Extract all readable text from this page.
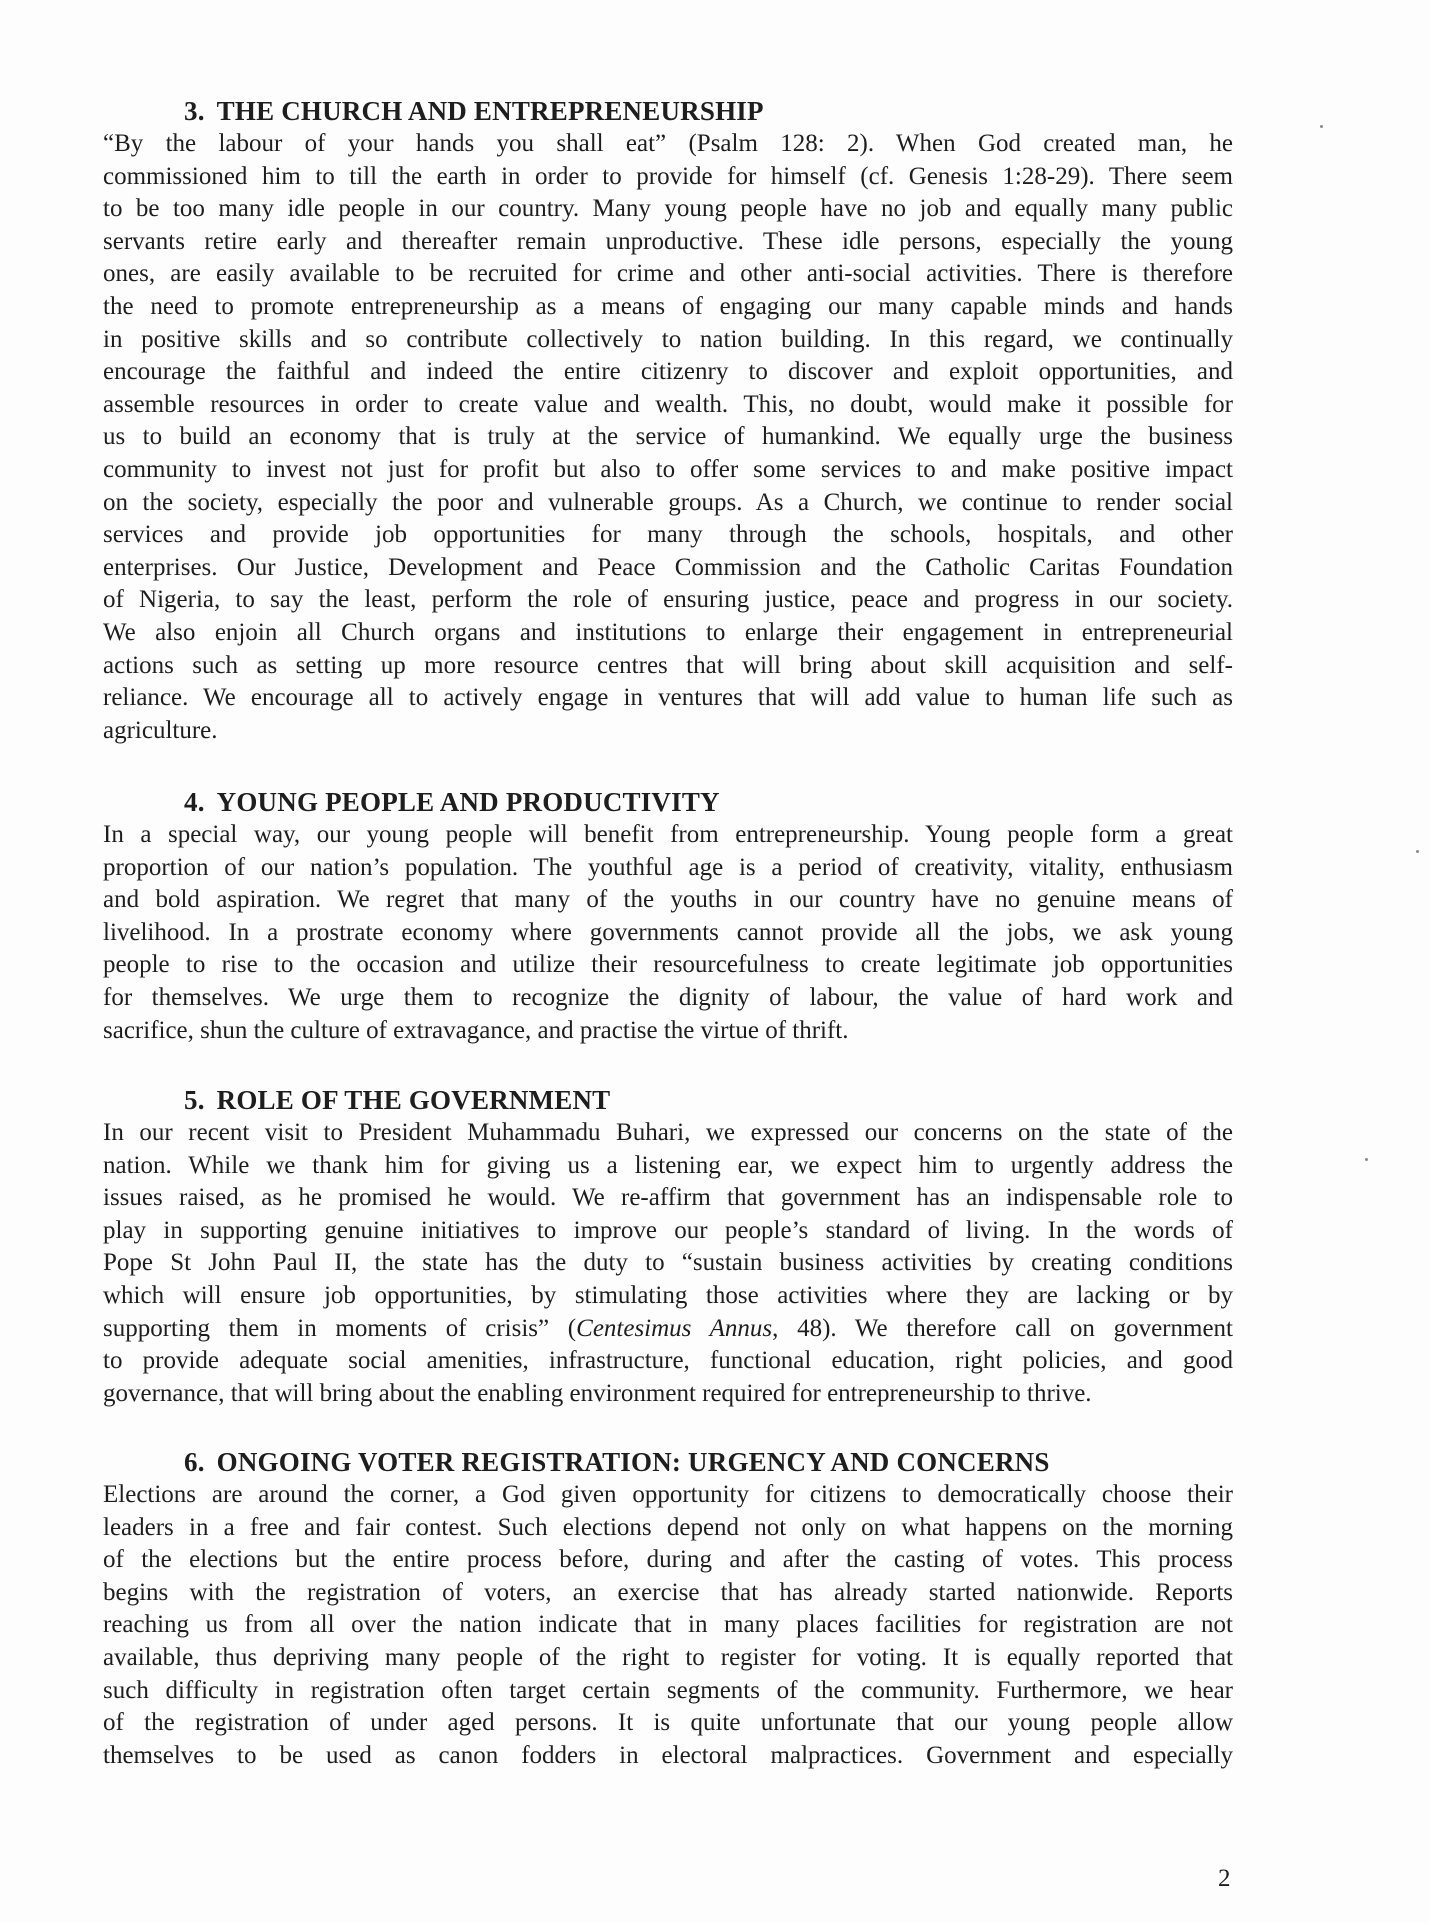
3. THE CHURCH AND ENTREPRENEURSHIP
“By the labour of your hands you shall eat” (Psalm 128: 2). When God created man, he
commissioned him to till the earth in order to provide for himself (cf. Genesis 1:28-29). There seem
to be too many idle people in our country. Many young people have no job and equally many public
servants retire early and thereafter remain unproductive. These idle persons, especially the young
ones, are easily available to be recruited for crime and other anti-social activities. There is therefore
the need to promote entrepreneurship as a means of engaging our many capable minds and hands
in positive skills and so contribute collectively to nation building. In this regard, we continually
encourage the faithful and indeed the entire citizenry to discover and exploit opportunities, and
assemble resources in order to create value and wealth. This, no doubt, would make it possible for
us to build an economy that is truly at the service of humankind. We equally urge the business
community to invest not just for profit but also to offer some services to and make positive impact
on the society, especially the poor and vulnerable groups. As a Church, we continue to render social
services and provide job opportunities for many through the schools, hospitals, and other
enterprises. Our Justice, Development and Peace Commission and the Catholic Caritas Foundation
of Nigeria, to say the least, perform the role of ensuring justice, peace and progress in our society.
We also enjoin all Church organs and institutions to enlarge their engagement in entrepreneurial
actions such as setting up more resource centres that will bring about skill acquisition and self-
reliance. We encourage all to actively engage in ventures that will add value to human life such as
agriculture.
4. YOUNG PEOPLE AND PRODUCTIVITY
In a special way, our young people will benefit from entrepreneurship. Young people form a great
proportion of our nation’s population. The youthful age is a period of creativity, vitality, enthusiasm
and bold aspiration. We regret that many of the youths in our country have no genuine means of
livelihood. In a prostrate economy where governments cannot provide all the jobs, we ask young
people to rise to the occasion and utilize their resourcefulness to create legitimate job opportunities
for themselves. We urge them to recognize the dignity of labour, the value of hard work and
sacrifice, shun the culture of extravagance, and practise the virtue of thrift.
5. ROLE OF THE GOVERNMENT
In our recent visit to President Muhammadu Buhari, we expressed our concerns on the state of the
nation. While we thank him for giving us a listening ear, we expect him to urgently address the
issues raised, as he promised he would. We re-affirm that government has an indispensable role to
play in supporting genuine initiatives to improve our people’s standard of living. In the words of
Pope St John Paul II, the state has the duty to “sustain business activities by creating conditions
which will ensure job opportunities, by stimulating those activities where they are lacking or by
supporting them in moments of crisis” (Centesimus Annus, 48). We therefore call on government
to provide adequate social amenities, infrastructure, functional education, right policies, and good
governance, that will bring about the enabling environment required for entrepreneurship to thrive.
6. ONGOING VOTER REGISTRATION: URGENCY AND CONCERNS
Elections are around the corner, a God given opportunity for citizens to democratically choose their
leaders in a free and fair contest. Such elections depend not only on what happens on the morning
of the elections but the entire process before, during and after the casting of votes. This process
begins with the registration of voters, an exercise that has already started nationwide. Reports
reaching us from all over the nation indicate that in many places facilities for registration are not
available, thus depriving many people of the right to register for voting. It is equally reported that
such difficulty in registration often target certain segments of the community. Furthermore, we hear
of the registration of under aged persons. It is quite unfortunate that our young people allow
themselves to be used as canon fodders in electoral malpractices. Government and especially
2
